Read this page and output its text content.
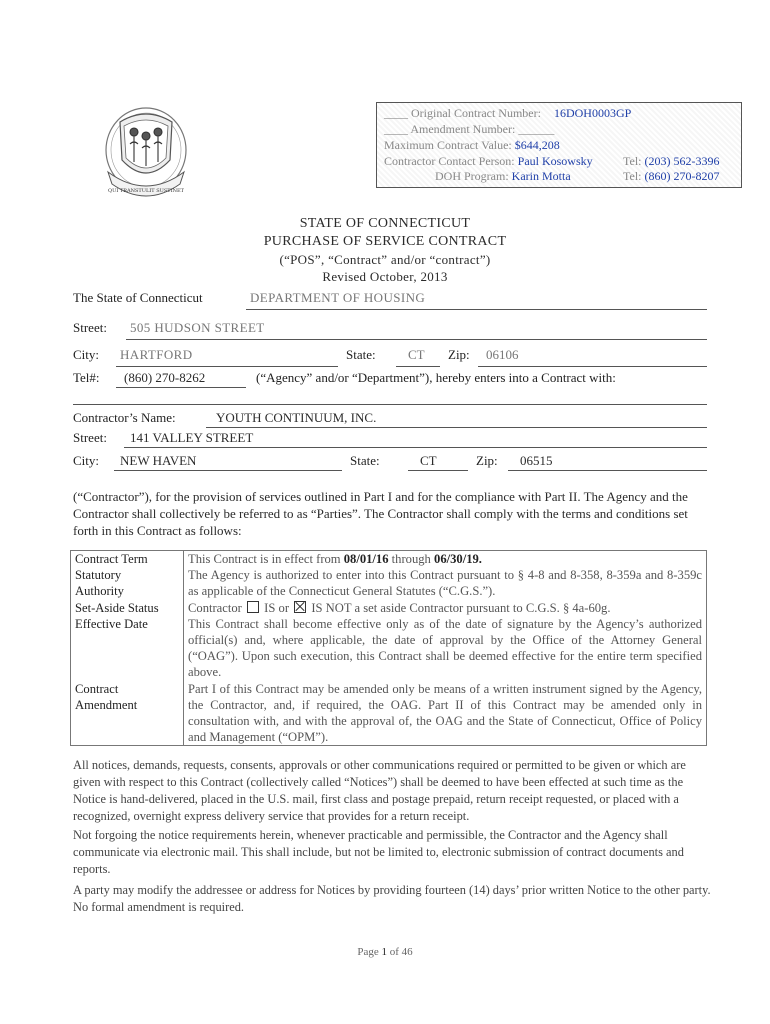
QUI TRANSTULIT SUSTINET
____ Original Contract Number: 16DOH0003GP
____ Amendment Number: ______
Maximum Contract Value: $644,208
Contractor Contact Person: Paul Kosowsky	Tel: (203) 562-3396
DOH Program: Karin Motta	Tel: (860) 270-8207
STATE OF CONNECTICUT
PURCHASE OF SERVICE CONTRACT
(“POS”, “Contract” and/or “contract”)
Revised October, 2013
The State of Connecticut	DEPARTMENT OF HOUSING
Street: 505 HUDSON STREET
City: HARTFORD	State: CT Zip: 06106
Tel#: (860) 270-8262	(“Agency” and/or “Department”), hereby enters into a Contract with:
Contractor’s Name:	YOUTH CONTINUUM, INC.
Street: 141 VALLEY STREET
City: NEW HAVEN	State:	CT	Zip: 06515
(“Contractor”), for the provision of services outlined in Part I and for the compliance with Part II. The Agency and the Contractor shall collectively be referred to as “Parties”. The Contractor shall comply with the terms and conditions set forth in this Contract as follows:
Contract Term	This Contract is in effect from 08/01/16 through 06/30/19.
Statutory
Authority	The Agency is authorized to enter into this Contract pursuant to § 4-8 and 8-358, 8-359a and 8-359c as applicable of the Connecticut General Statutes (“C.G.S.”).
Set-Aside Status	Contractor IS or IS NOT a set aside Contractor pursuant to C.G.S. § 4a-60g.
Effective Date	This Contract shall become effective only as of the date of signature by the Agency’s authorized official(s) and, where applicable, the date of approval by the Office of the Attorney General (“OAG”). Upon such execution, this Contract shall be deemed effective for the entire term specified above.
Contract
Amendment	Part I of this Contract may be amended only be means of a written instrument signed by the Agency, the Contractor, and, if required, the OAG. Part II of this Contract may be amended only in consultation with, and with the approval of, the OAG and the State of Connecticut, Office of Policy and Management (“OPM”).
All notices, demands, requests, consents, approvals or other communications required or permitted to be given or which are given with respect to this Contract (collectively called “Notices”) shall be deemed to have been effected at such time as the Notice is hand-delivered, placed in the U.S. mail, first class and postage prepaid, return receipt requested, or placed with a recognized, overnight express delivery service that provides for a return receipt.
Not forgoing the notice requirements herein, whenever practicable and permissible, the Contractor and the Agency shall communicate via electronic mail. This shall include, but not be limited to, electronic submission of contract documents and reports.
A party may modify the addressee or address for Notices by providing fourteen (14) days’ prior written Notice to the other party. No formal amendment is required.
Page 1 of 46
